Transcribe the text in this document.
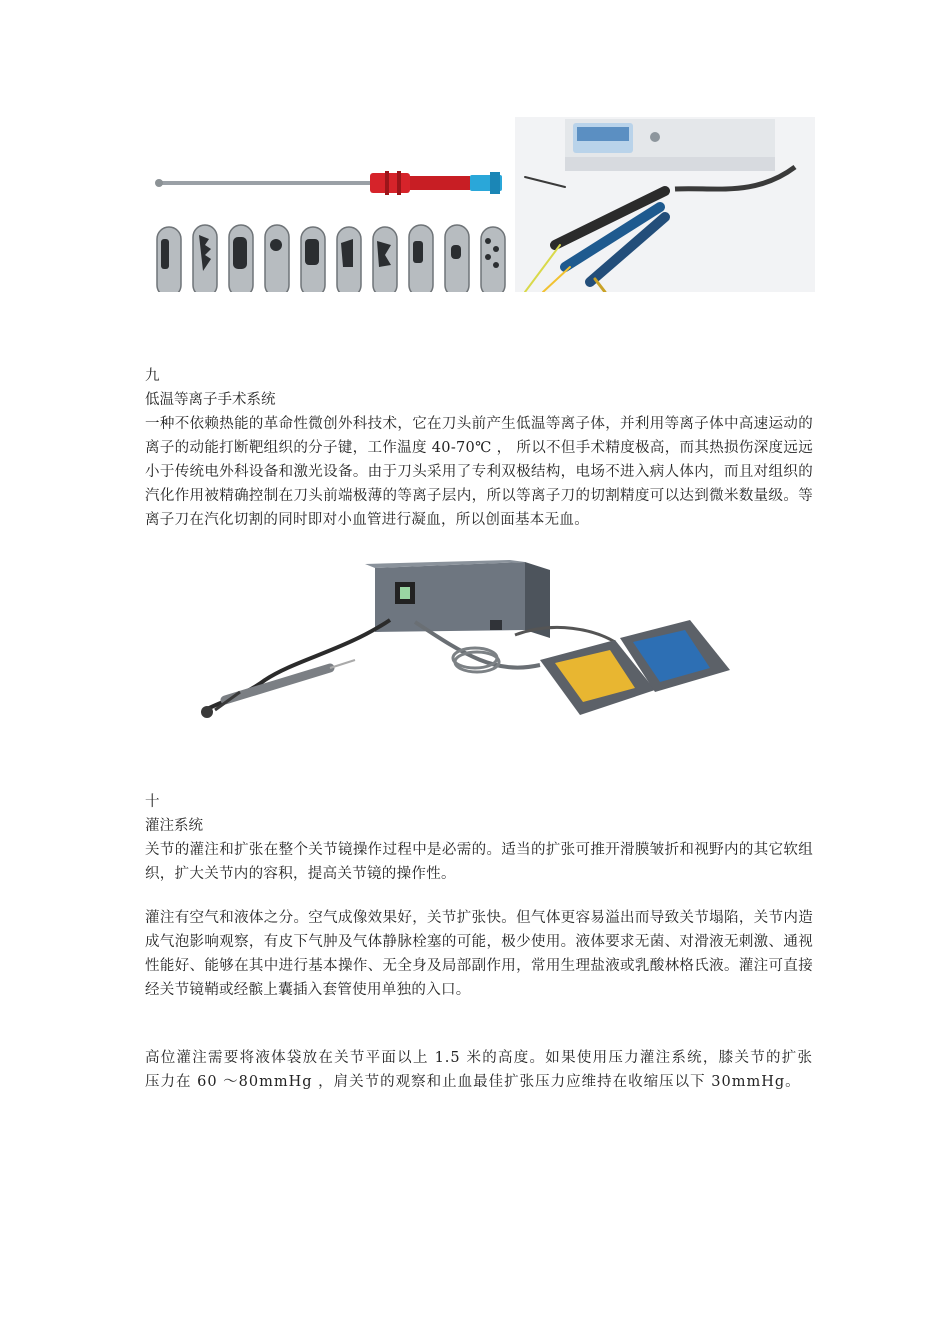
九
低温等离子手术系统

一种不依赖热能的革命性微创外科技术，它在刀头前产生低温等离子体，并利用等离子体中高速运动的离子的动能打断靶组织的分子键，工作温度 40-70℃ ， 所以不但手术精度极高，而其热损伤深度远远小于传统电外科设备和激光设备。由于刀头采用了专利双极结构，电场不进入病人体内，而且对组织的汽化作用被精确控制在刀头前端极薄的等离子层内，所以等离子刀的切割精度可以达到微米数量级。等离子刀在汽化切割的同时即对小血管进行凝血，所以创面基本无血。

十
灌注系统

关节的灌注和扩张在整个关节镜操作过程中是必需的。适当的扩张可推开滑膜皱折和视野内的其它软组织，扩大关节内的容积，提高关节镜的操作性。

灌注有空气和液体之分。空气成像效果好，关节扩张快。但气体更容易溢出而导致关节塌陷，关节内造成气泡影响观察，有皮下气肿及气体静脉栓塞的可能，极少使用。液体要求无菌、对滑液无刺激、通视性能好、能够在其中进行基本操作、无全身及局部副作用，常用生理盐液或乳酸林格氏液。灌注可直接经关节镜鞘或经髌上囊插入套管使用单独的入口。

高位灌注需要将液体袋放在关节平面以上 1.5 米的高度。如果使用压力灌注系统，膝关节的扩张压力在 60 ～80mmHg ，肩关节的观察和止血最佳扩张压力应维持在收缩压以下 30mmHg。
